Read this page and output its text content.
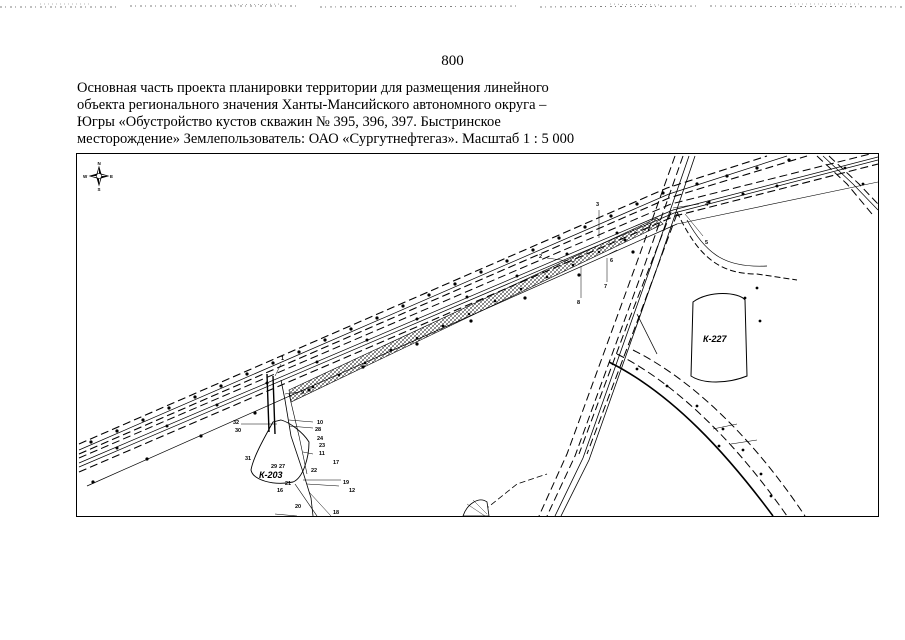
800
Основная часть проекта планировки территории для размещения линейного
объекта регионального значения Ханты-Мансийского автономного округа –
Югры «Обустройство кустов скважин № 395, 396, 397. Быстринское
месторождение» Землепользователь: ОАО «Сургутнефтегаз». Масштаб 1 : 5 000
К-227
К-203
1
2
3	4
5
6
7
8
9
10
11
12
16
17
18
19
20
21
22
23
24
27
28
29
30
31
32
N
S
E
W
